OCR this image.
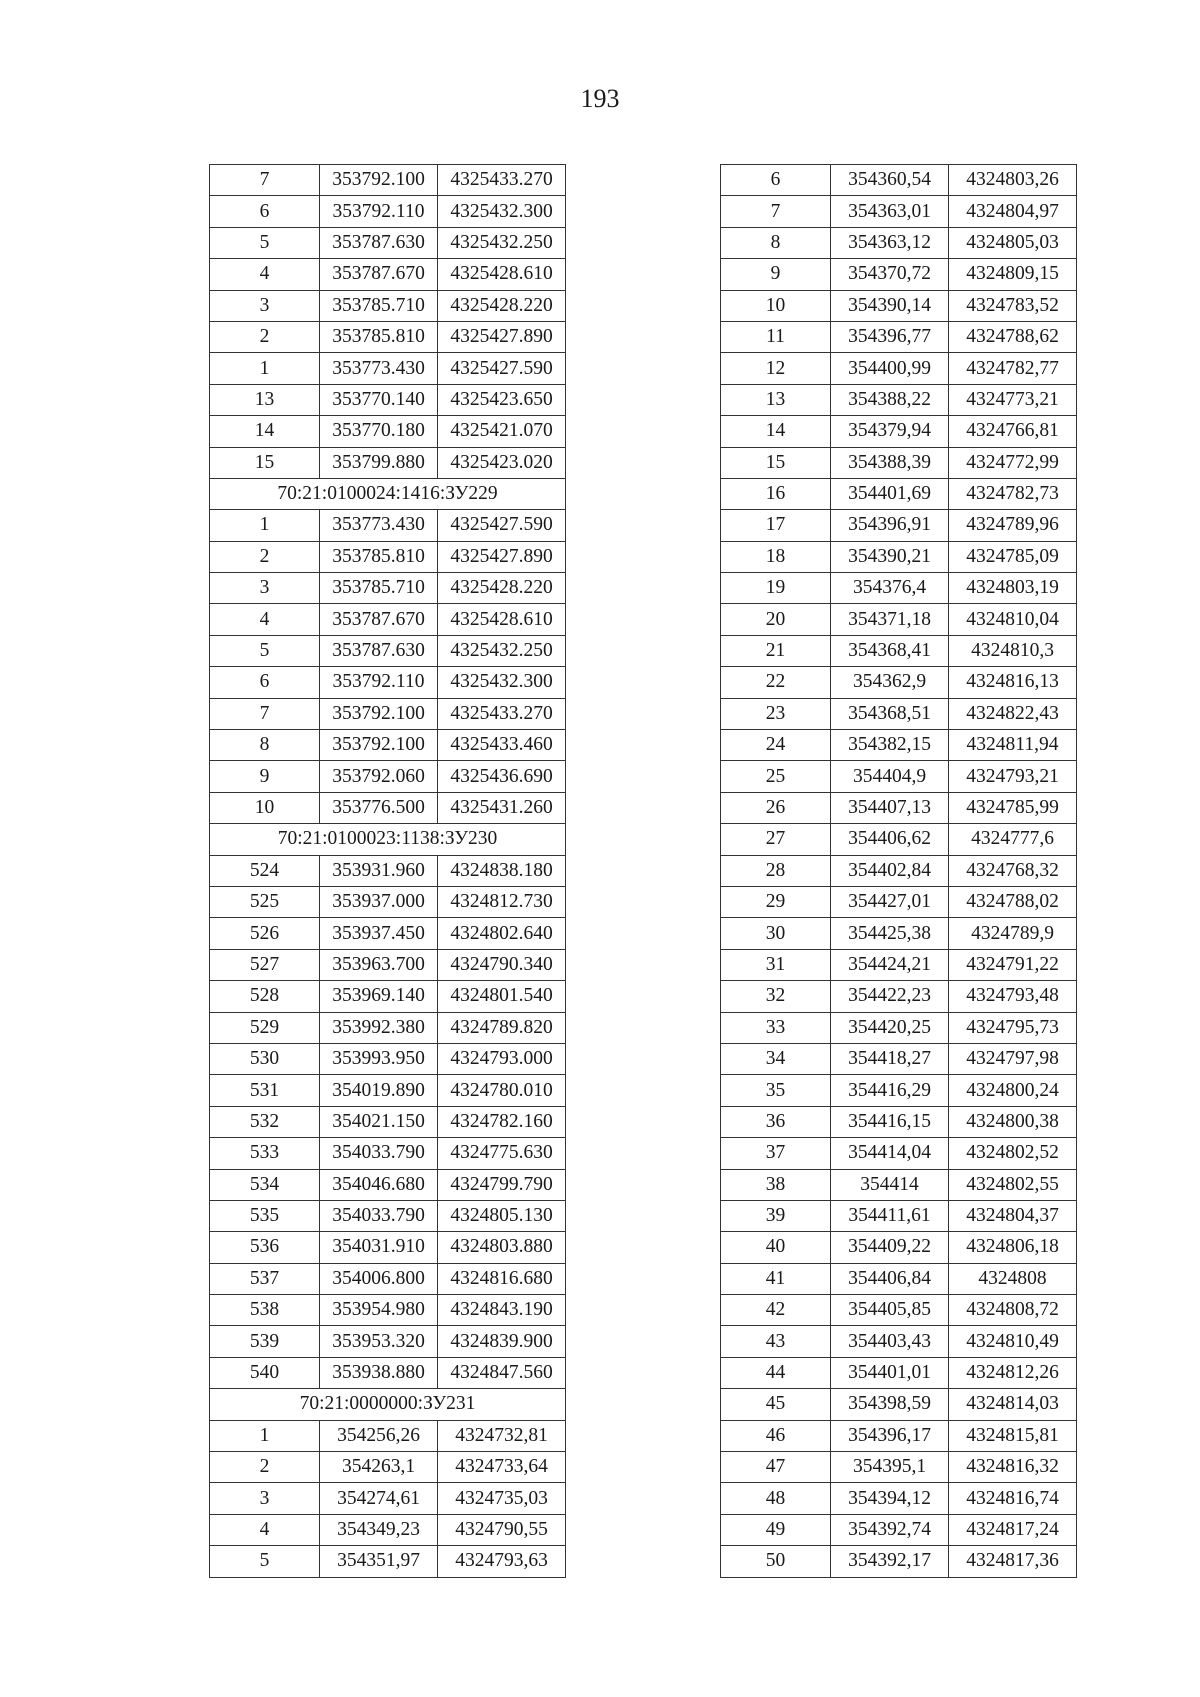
193
7	353792.100	4325433.270
6	353792.110	4325432.300
5	353787.630	4325432.250
4	353787.670	4325428.610
3	353785.710	4325428.220
2	353785.810	4325427.890
1	353773.430	4325427.590
13	353770.140	4325423.650
14	353770.180	4325421.070
15	353799.880	4325423.020
70:21:0100024:1416:ЗУ229		
1	353773.430	4325427.590
2	353785.810	4325427.890
3	353785.710	4325428.220
4	353787.670	4325428.610
5	353787.630	4325432.250
6	353792.110	4325432.300
7	353792.100	4325433.270
8	353792.100	4325433.460
9	353792.060	4325436.690
10	353776.500	4325431.260
70:21:0100023:1138:ЗУ230		
524	353931.960	4324838.180
525	353937.000	4324812.730
526	353937.450	4324802.640
527	353963.700	4324790.340
528	353969.140	4324801.540
529	353992.380	4324789.820
530	353993.950	4324793.000
531	354019.890	4324780.010
532	354021.150	4324782.160
533	354033.790	4324775.630
534	354046.680	4324799.790
535	354033.790	4324805.130
536	354031.910	4324803.880
537	354006.800	4324816.680
538	353954.980	4324843.190
539	353953.320	4324839.900
540	353938.880	4324847.560
70:21:0000000:ЗУ231		
1	354256,26	4324732,81
2	354263,1	4324733,64
3	354274,61	4324735,03
4	354349,23	4324790,55
5	354351,97	4324793,63
6	354360,54	4324803,26
7	354363,01	4324804,97
8	354363,12	4324805,03
9	354370,72	4324809,15
10	354390,14	4324783,52
11	354396,77	4324788,62
12	354400,99	4324782,77
13	354388,22	4324773,21
14	354379,94	4324766,81
15	354388,39	4324772,99
16	354401,69	4324782,73
17	354396,91	4324789,96
18	354390,21	4324785,09
19	354376,4	4324803,19
20	354371,18	4324810,04
21	354368,41	4324810,3
22	354362,9	4324816,13
23	354368,51	4324822,43
24	354382,15	4324811,94
25	354404,9	4324793,21
26	354407,13	4324785,99
27	354406,62	4324777,6
28	354402,84	4324768,32
29	354427,01	4324788,02
30	354425,38	4324789,9
31	354424,21	4324791,22
32	354422,23	4324793,48
33	354420,25	4324795,73
34	354418,27	4324797,98
35	354416,29	4324800,24
36	354416,15	4324800,38
37	354414,04	4324802,52
38	354414	4324802,55
39	354411,61	4324804,37
40	354409,22	4324806,18
41	354406,84	4324808
42	354405,85	4324808,72
43	354403,43	4324810,49
44	354401,01	4324812,26
45	354398,59	4324814,03
46	354396,17	4324815,81
47	354395,1	4324816,32
48	354394,12	4324816,74
49	354392,74	4324817,24
50	354392,17	4324817,36
